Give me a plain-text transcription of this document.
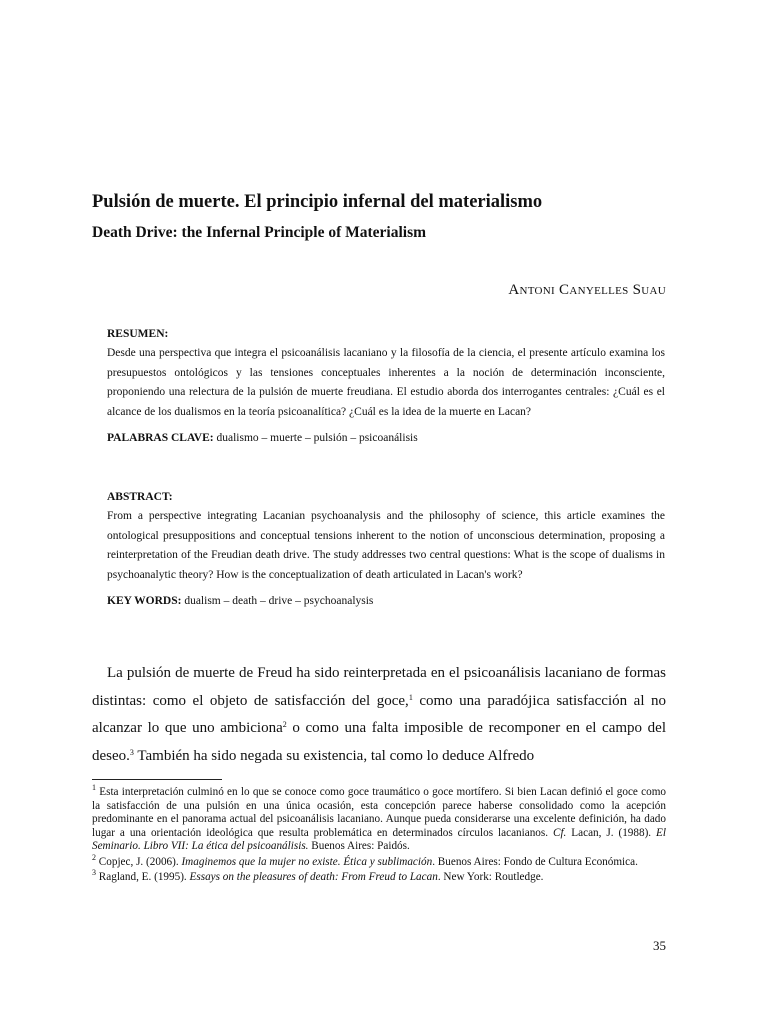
Pulsión de muerte. El principio infernal del materialismo
Death Drive: the Infernal Principle of Materialism
Antoni Canyelles Suau
RESUMEN:
Desde una perspectiva que integra el psicoanálisis lacaniano y la filosofía de la ciencia, el presente artículo examina los presupuestos ontológicos y las tensiones conceptuales inherentes a la noción de determinación inconsciente, proponiendo una relectura de la pulsión de muerte freudiana. El estudio aborda dos interrogantes centrales: ¿Cuál es el alcance de los dualismos en la teoría psicoanalítica? ¿Cuál es la idea de la muerte en Lacan?
PALABRAS CLAVE: dualismo – muerte – pulsión – psicoanálisis
ABSTRACT:
From a perspective integrating Lacanian psychoanalysis and the philosophy of science, this article examines the ontological presuppositions and conceptual tensions inherent to the notion of unconscious determination, proposing a reinterpretation of the Freudian death drive. The study addresses two central questions: What is the scope of dualisms in psychoanalytic theory? How is the conceptualization of death articulated in Lacan's work?
KEY WORDS: dualism – death – drive – psychoanalysis

La pulsión de muerte de Freud ha sido reinterpretada en el psicoanálisis lacaniano de formas distintas: como el objeto de satisfacción del goce,$^1$ como una paradójica satisfacción al no alcanzar lo que uno ambiciona$^2$ o como una falta imposible de recomponer en el campo del deseo.$^3$ También ha sido negada su existencia, tal como lo deduce Alfredo

$^1$ Esta interpretación culminó en lo que se conoce como goce traumático o goce mortífero. Si bien Lacan definió el goce como la satisfacción de una pulsión en una única ocasión, esta concepción parece haberse consolidado como la acepción predominante en el panorama actual del psicoanálisis lacaniano. Aunque pueda considerarse una excelente definición, ha dado lugar a una orientación ideológica que resulta problemática en determinados círculos lacanianos. Cf. Lacan, J. (1988). El Seminario. Libro VII: La ética del psicoanálisis. Buenos Aires: Paidós.

$^2$ Copjec, J. (2006). Imaginemos que la mujer no existe. Ética y sublimación. Buenos Aires: Fondo de Cultura Económica.

$^3$ Ragland, E. (1995). Essays on the pleasures of death: From Freud to Lacan. New York: Routledge.

35
